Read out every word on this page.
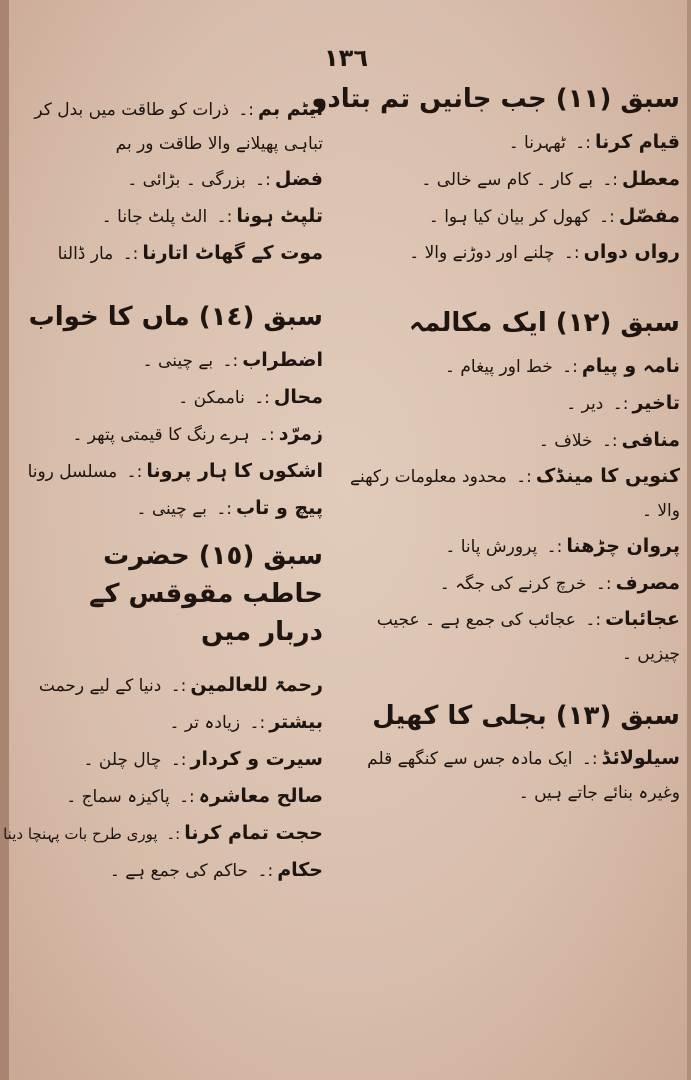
١٣٦
سبق (١١) جب جانیں تم بتادو
قیام کرنا:۔ ٹھہرنا ۔
معطل:۔ بے کار ۔ کام سے خالی ۔
مفصّل:۔ کھول کر بیان کیا ہوا ۔
رواں دواں:۔ چلنے اور دوڑنے والا ۔
سبق (١٢) ایک مکالمہ
نامہ و پیام:۔ خط اور پیغام ۔
تاخیر:۔ دیر ۔
منافی:۔ خلاف ۔
کنویں کا مینڈک:۔ محدود معلومات رکھنے والا ۔
پروان چڑھنا:۔ پرورش پانا ۔
مصرف:۔ خرچ کرنے کی جگہ ۔
عجائبات:۔ عجائب کی جمع ہے ۔ عجیب چیزیں ۔
سبق (١٣) بجلی کا کھیل
سیلولائڈ:۔ ایک مادہ جس سے کنگھے قلم وغیرہ بنائے جاتے ہیں ۔
ایٹم بم:۔ ذرات کو طاقت میں بدل کر تباہی پھیلانے والا طاقت ور بم
فضل:۔ بزرگی ۔ بڑائی ۔
تلپٹ ہونا:۔ الٹ پلٹ جانا ۔
موت کے گھاٹ اتارنا:۔ مار ڈالنا
سبق (١٤) ماں کا خواب
اضطراب:۔ بے چینی ۔
محال:۔ ناممکن ۔
زمرّد:۔ ہرے رنگ کا قیمتی پتھر ۔
اشکوں کا ہار پرونا:۔ مسلسل رونا
پیچ و تاب:۔ بے چینی ۔
سبق (١٥) حضرت حاطب مقوقس کے دربار میں
رحمۃ للعالمین:۔ دنیا کے لیے رحمت
بیشتر:۔ زیادہ تر ۔
سیرت و کردار:۔ چال چلن ۔
صالح معاشرہ:۔ پاکیزہ سماج ۔
حجت تمام کرنا:۔ پوری طرح بات پہنچا دینا
حکام:۔ حاکم کی جمع ہے ۔
